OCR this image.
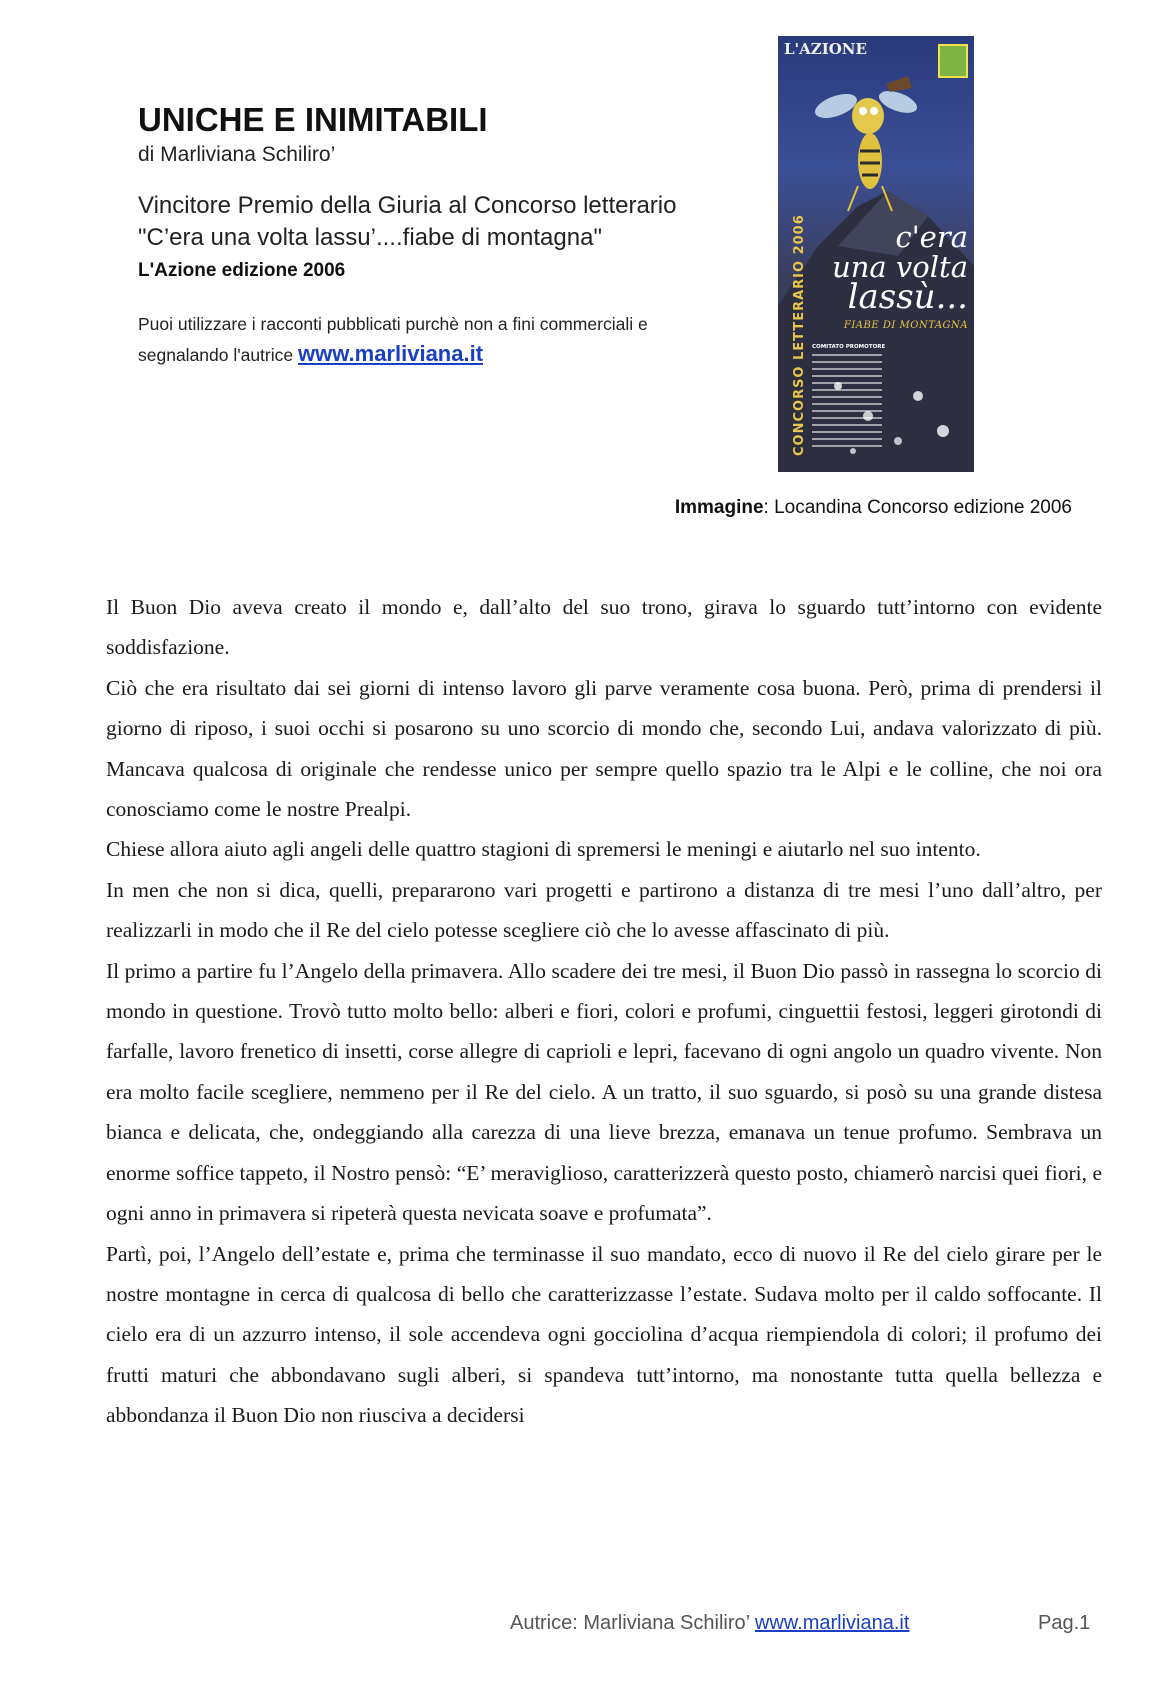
UNICHE E INIMITABILI
di Marliviana Schiliro’
Vincitore Premio della Giuria al Concorso letterario
"C’era una volta lassu’....fiabe di montagna"
L'Azione edizione 2006
Puoi utilizzare i racconti pubblicati purchè non a fini commerciali e
segnalando l'autrice www.marliviana.it
L'AZIONE
c'era
una volta
lassù...
FIABE DI MONTAGNA
CONCORSO LETTERARIO 2006 COMITATO PROMOTORE
Immagine: Locandina Concorso edizione 2006

Il Buon Dio aveva creato il mondo e, dall’alto del suo trono, girava lo sguardo tutt’intorno con evidente soddisfazione.

Ciò che era risultato dai sei giorni di intenso lavoro gli parve veramente cosa buona. Però, prima di prendersi il giorno di riposo, i suoi occhi si posarono su uno scorcio di mondo che, secondo Lui, andava valorizzato di più. Mancava qualcosa di originale che rendesse unico per sempre quello spazio tra le Alpi e le colline, che noi ora conosciamo come le nostre Prealpi.

Chiese allora aiuto agli angeli delle quattro stagioni di spremersi le meningi e aiutarlo nel suo intento.

In men che non si dica, quelli, prepararono vari progetti e partirono a distanza di tre mesi l’uno dall’altro, per realizzarli in modo che il Re del cielo potesse scegliere ciò che lo avesse affascinato di più.

Il primo a partire fu l’Angelo della primavera. Allo scadere dei tre mesi, il Buon Dio passò in rassegna lo scorcio di mondo in questione. Trovò tutto molto bello: alberi e fiori, colori e profumi, cinguettii festosi, leggeri girotondi di farfalle, lavoro frenetico di insetti, corse allegre di caprioli e lepri, facevano di ogni angolo un quadro vivente. Non era molto facile scegliere, nemmeno per il Re del cielo. A un tratto, il suo sguardo, si posò su una grande distesa bianca e delicata, che, ondeggiando alla carezza di una lieve brezza, emanava un tenue profumo. Sembrava un enorme soffice tappeto, il Nostro pensò: “E’ meraviglioso, caratterizzerà questo posto, chiamerò narcisi quei fiori, e ogni anno in primavera si ripeterà questa nevicata soave e profumata”.

Partì, poi, l’Angelo dell’estate e, prima che terminasse il suo mandato, ecco di nuovo il Re del cielo girare per le nostre montagne in cerca di qualcosa di bello che caratterizzasse l’estate. Sudava molto per il caldo soffocante. Il cielo era di un azzurro intenso, il sole accendeva ogni gocciolina d’acqua riempiendola di colori; il profumo dei frutti maturi che abbondavano sugli alberi, si spandeva tutt’intorno, ma nonostante tutta quella bellezza e abbondanza il Buon Dio non riusciva a decidersi

Autrice: Marliviana Schiliro’ www.marliviana.it	Pag.1
